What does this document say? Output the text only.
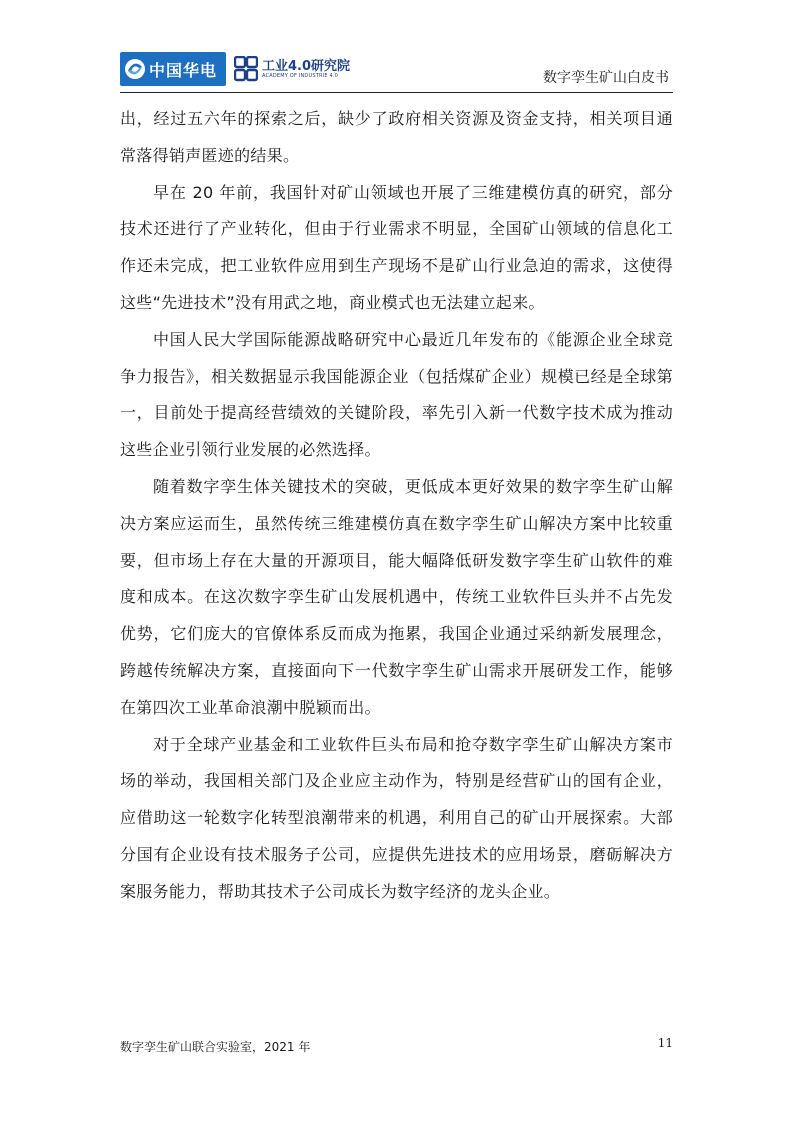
中国华电	工业4.0研究院
ACADEMY OF INDUSTRIE 4.0	数字孪生矿山白皮书

出，经过五六年的探索之后，缺少了政府相关资源及资金支持，相关项目通常落得销声匿迹的结果。

早在 20 年前，我国针对矿山领域也开展了三维建模仿真的研究，部分技术还进行了产业转化，但由于行业需求不明显，全国矿山领域的信息化工作还未完成，把工业软件应用到生产现场不是矿山行业急迫的需求，这使得这些“先进技术”没有用武之地，商业模式也无法建立起来。

中国人民大学国际能源战略研究中心最近几年发布的《能源企业全球竞争力报告》，相关数据显示我国能源企业（包括煤矿企业）规模已经是全球第一，目前处于提高经营绩效的关键阶段，率先引入新一代数字技术成为推动这些企业引领行业发展的必然选择。

随着数字孪生体关键技术的突破，更低成本更好效果的数字孪生矿山解决方案应运而生，虽然传统三维建模仿真在数字孪生矿山解决方案中比较重要，但市场上存在大量的开源项目，能大幅降低研发数字孪生矿山软件的难度和成本。在这次数字孪生矿山发展机遇中，传统工业软件巨头并不占先发优势，它们庞大的官僚体系反而成为拖累，我国企业通过采纳新发展理念，跨越传统解决方案，直接面向下一代数字孪生矿山需求开展研发工作，能够在第四次工业革命浪潮中脱颖而出。

对于全球产业基金和工业软件巨头布局和抢夺数字孪生矿山解决方案市场的举动，我国相关部门及企业应主动作为，特别是经营矿山的国有企业，应借助这一轮数字化转型浪潮带来的机遇，利用自己的矿山开展探索。大部分国有企业设有技术服务子公司，应提供先进技术的应用场景，磨砺解决方案服务能力，帮助其技术子公司成长为数字经济的龙头企业。

数字孪生矿山联合实验室，2021 年	11
